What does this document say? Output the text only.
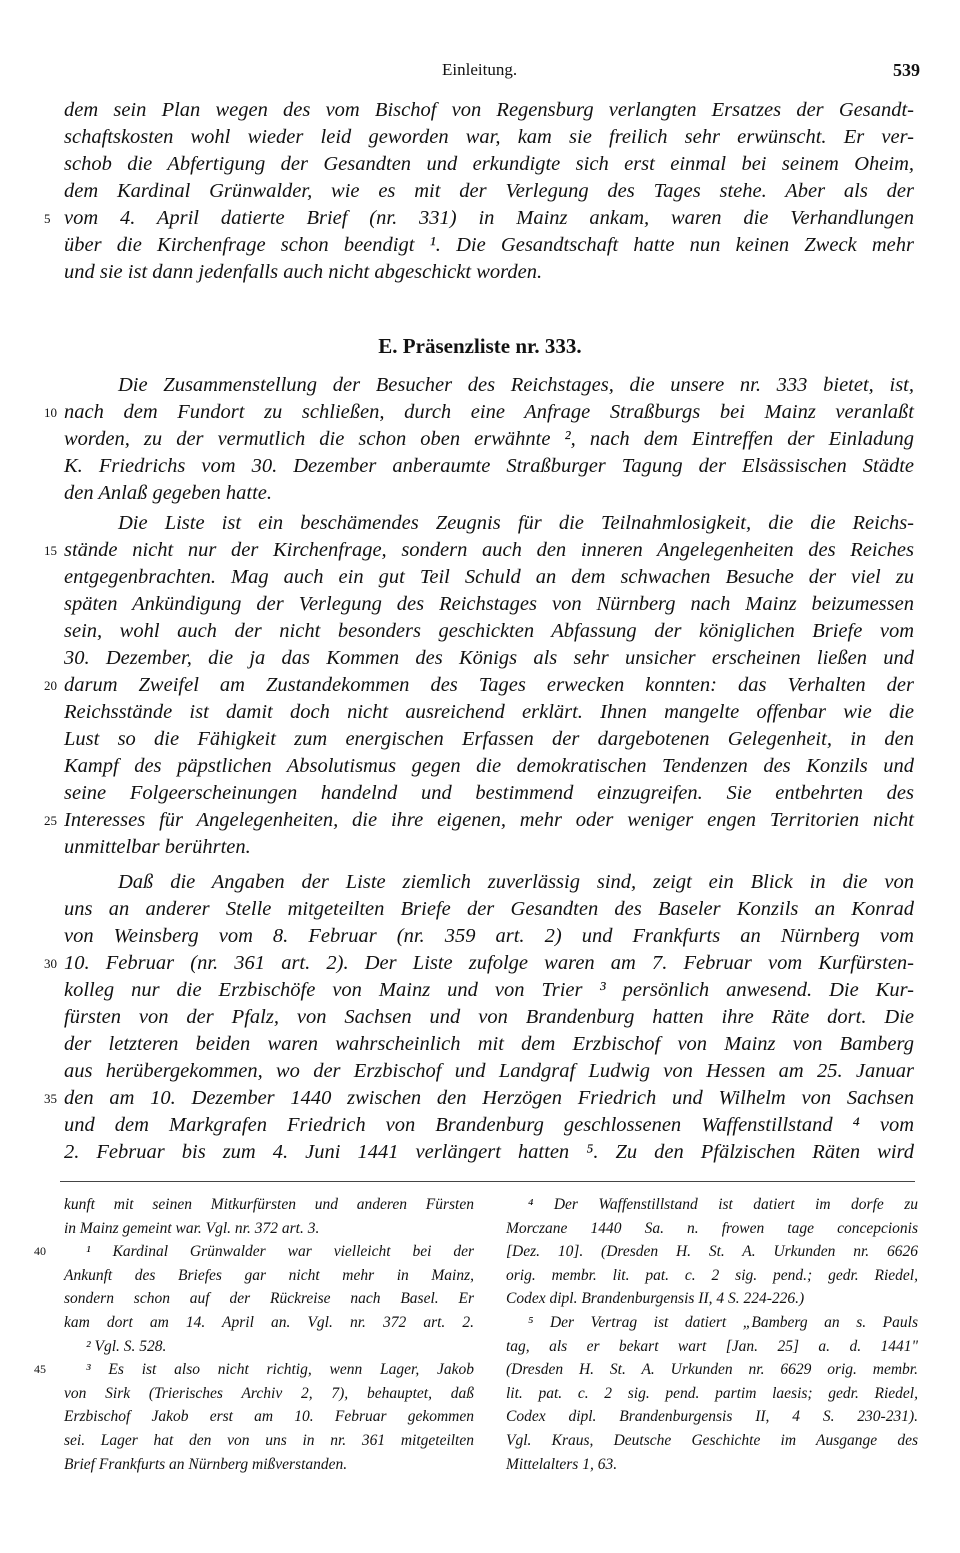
Einleitung.	539
dem sein Plan wegen des vom Bischof von Regensburg verlangten Ersatzes der Gesandt-
schaftskosten wohl wieder leid geworden war, kam sie freilich sehr erwünscht. Er ver-
schob die Abfertigung der Gesandten und erkundigte sich erst einmal bei seinem Oheim,
dem Kardinal Grünwalder, wie es mit der Verlegung des Tages stehe. Aber als der
5 vom 4. April datierte Brief (nr. 331) in Mainz ankam, waren die Verhandlungen
über die Kirchenfrage schon beendigt ¹. Die Gesandtschaft hatte nun keinen Zweck mehr
und sie ist dann jedenfalls auch nicht abgeschickt worden.
E. Präsenzliste nr. 333.
Die Zusammenstellung der Besucher des Reichstages, die unsere nr. 333 bietet, ist,
10 nach dem Fundort zu schließen, durch eine Anfrage Straßburgs bei Mainz veranlaßt
worden, zu der vermutlich die schon oben erwähnte ², nach dem Eintreffen der Einladung
K. Friedrichs vom 30. Dezember anberaumte Straßburger Tagung der Elsässischen Städte
den Anlaß gegeben hatte.
Die Liste ist ein beschämendes Zeugnis für die Teilnahmlosigkeit, die die Reichs-
15 stände nicht nur der Kirchenfrage, sondern auch den inneren Angelegenheiten des Reiches
entgegenbrachten. Mag auch ein gut Teil Schuld an dem schwachen Besuche der viel zu
späten Ankündigung der Verlegung des Reichstages von Nürnberg nach Mainz beizumessen
sein, wohl auch der nicht besonders geschickten Abfassung der königlichen Briefe vom
30. Dezember, die ja das Kommen des Königs als sehr unsicher erscheinen ließen und
20 darum Zweifel am Zustandekommen des Tages erwecken konnten: das Verhalten der
Reichsstände ist damit doch nicht ausreichend erklärt. Ihnen mangelte offenbar wie die
Lust so die Fähigkeit zum energischen Erfassen der dargebotenen Gelegenheit, in den
Kampf des päpstlichen Absolutismus gegen die demokratischen Tendenzen des Konzils und
seine Folgeerscheinungen handelnd und bestimmend einzugreifen. Sie entbehrten des
25 Interesses für Angelegenheiten, die ihre eigenen, mehr oder weniger engen Territorien nicht
unmittelbar berührten.
Daß die Angaben der Liste ziemlich zuverlässig sind, zeigt ein Blick in die von
uns an anderer Stelle mitgeteilten Briefe der Gesandten des Baseler Konzils an Konrad
von Weinsberg vom 8. Februar (nr. 359 art. 2) und Frankfurts an Nürnberg vom
30 10. Februar (nr. 361 art. 2). Der Liste zufolge waren am 7. Februar vom Kurfürsten-
kolleg nur die Erzbischöfe von Mainz und von Trier ³ persönlich anwesend. Die Kur-
fürsten von der Pfalz, von Sachsen und von Brandenburg hatten ihre Räte dort. Die
der letzteren beiden waren wahrscheinlich mit dem Erzbischof von Mainz von Bamberg
aus herübergekommen, wo der Erzbischof und Landgraf Ludwig von Hessen am 25. Januar
35 den am 10. Dezember 1440 zwischen den Herzögen Friedrich und Wilhelm von Sachsen
und dem Markgrafen Friedrich von Brandenburg geschlossenen Waffenstillstand ⁴ vom
2. Februar bis zum 4. Juni 1441 verlängert hatten ⁵. Zu den Pfälzischen Räten wird
kunft mit seinen Mitkurfürsten und anderen Fürsten
in Mainz gemeint war. Vgl. nr. 372 art. 3.
40	¹ Kardinal Grünwalder war vielleicht bei der
Ankunft des Briefes gar nicht mehr in Mainz,
sondern schon auf der Rückreise nach Basel. Er
kam dort am 14. April an. Vgl. nr. 372 art. 2.
² Vgl. S. 528.
45	³ Es ist also nicht richtig, wenn Lager, Jakob
von Sirk (Trierisches Archiv 2, 7), behauptet, daß
Erzbischof Jakob erst am 10. Februar gekommen
sei. Lager hat den von uns in nr. 361 mitgeteilten
Brief Frankfurts an Nürnberg mißverstanden.
⁴ Der Waffenstillstand ist datiert im dorfe zu
Morczane 1440 Sa. n. frowen tage concepcionis
[Dez. 10]. (Dresden H. St. A. Urkunden nr. 6626
orig. membr. lit. pat. c. 2 sig. pend.; gedr. Riedel,
Codex dipl. Brandenburgensis II, 4 S. 224-226.)
⁵ Der Vertrag ist datiert „Bamberg an s. Pauls
tag, als er bekart wart [Jan. 25] a. d. 1441"
(Dresden H. St. A. Urkunden nr. 6629 orig. membr.
lit. pat. c. 2 sig. pend. partim laesis; gedr. Riedel,
Codex dipl. Brandenburgensis II, 4 S. 230-231).
Vgl. Kraus, Deutsche Geschichte im Ausgange des
Mittelalters 1, 63.
